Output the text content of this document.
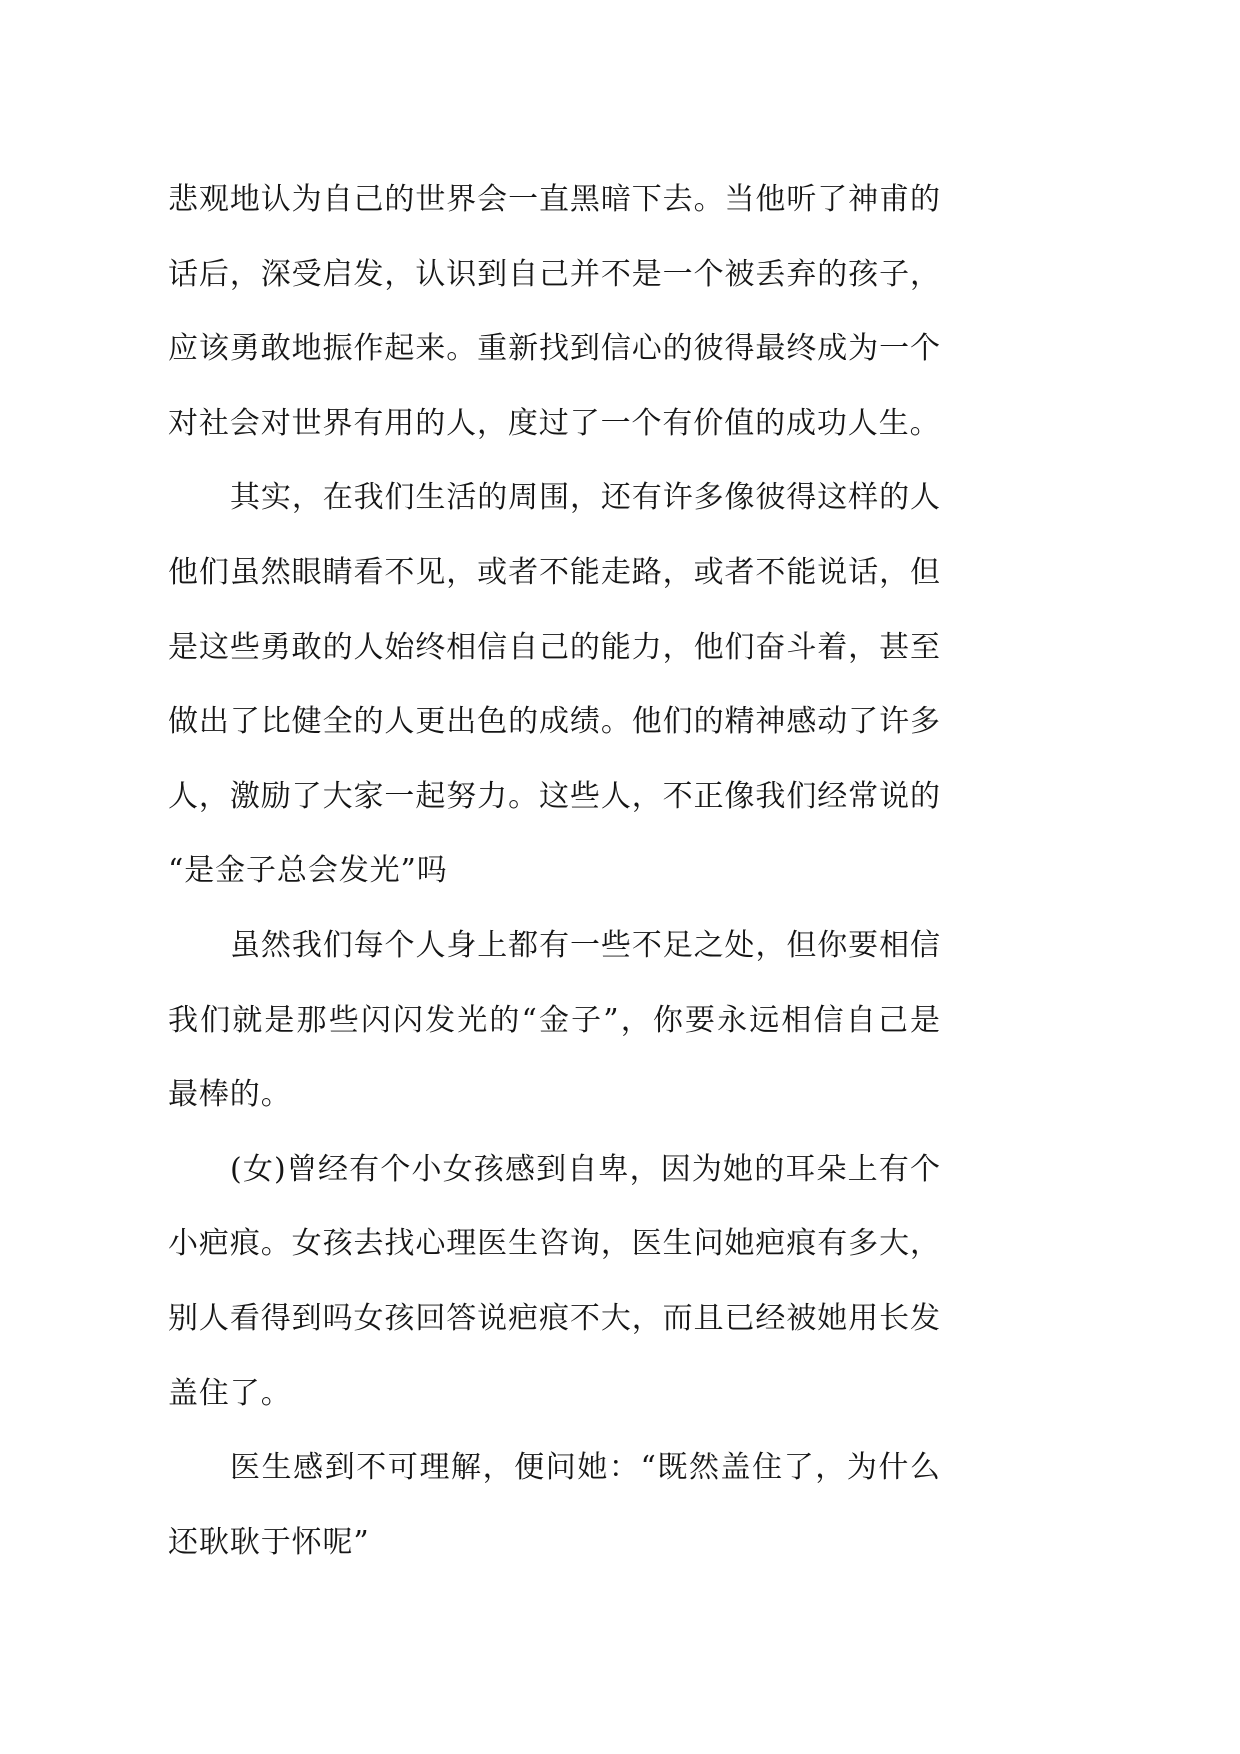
悲观地认为自己的世界会一直黑暗下去。当他听了神甫的
话后，深受启发，认识到自己并不是一个被丢弃的孩子，
应该勇敢地振作起来。重新找到信心的彼得最终成为一个
对社会对世界有用的人，度过了一个有价值的成功人生。
其实，在我们生活的周围，还有许多像彼得这样的人
他们虽然眼睛看不见，或者不能走路，或者不能说话，但
是这些勇敢的人始终相信自己的能力，他们奋斗着，甚至
做出了比健全的人更出色的成绩。他们的精神感动了许多
人，激励了大家一起努力。这些人，不正像我们经常说的
“是金子总会发光”吗
虽然我们每个人身上都有一些不足之处，但你要相信
我们就是那些闪闪发光的“金子”，你要永远相信自己是
最棒的。
(女)曾经有个小女孩感到自卑，因为她的耳朵上有个
小疤痕。女孩去找心理医生咨询，医生问她疤痕有多大，
别人看得到吗女孩回答说疤痕不大，而且已经被她用长发
盖住了。
医生感到不可理解，便问她：“既然盖住了，为什么
还耿耿于怀呢”
